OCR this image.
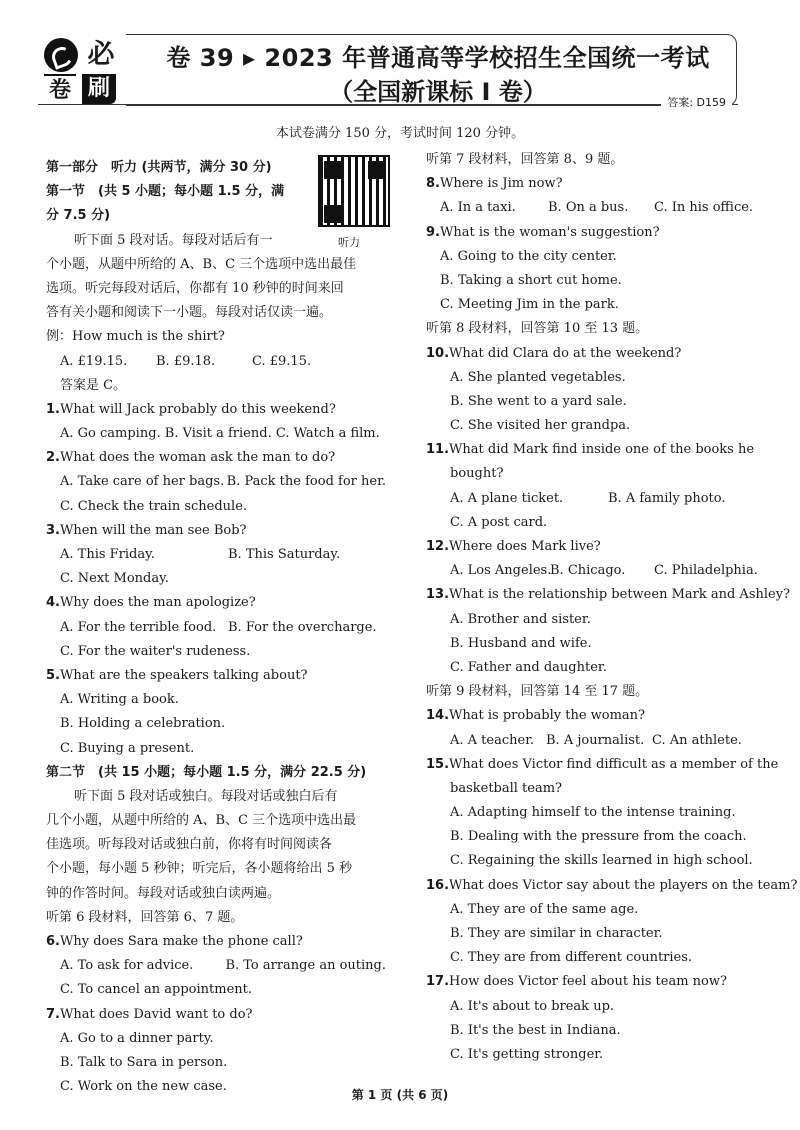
必
卷 刷
卷 39 ▸ 2023 年普通高等学校招生全国统一考试
（全国新课标 Ⅰ 卷）	答案: D159
本试卷满分 150 分，考试时间 120 分钟。
听力
第一部分　听力 (共两节，满分 30 分)
第一节　(共 5 小题；每小题 1.5 分，满
分 7.5 分)
听下面 5 段对话。每段对话后有一
个小题，从题中所给的 A、B、C 三个选项中选出最佳
选项。听完每段对话后，你都有 10 秒钟的时间来回
答有关小题和阅读下一小题。每段对话仅读一遍。
例：How much is the shirt?
A. £19.15.	B. £9.18.	C. £9.15.
答案是 C。
1.What will Jack probably do this weekend?
A. Go camping. B. Visit a friend. C. Watch a film.
2.What does the woman ask the man to do?
A. Take care of her bags. B. Pack the food for her.
C. Check the train schedule.
3.When will the man see Bob?
A. This Friday.	B. This Saturday.
C. Next Monday.
4.Why does the man apologize?
A. For the terrible food. B. For the overcharge.
C. For the waiter's rudeness.
5.What are the speakers talking about?
A. Writing a book.
B. Holding a celebration.
C. Buying a present.
第二节　(共 15 小题；每小题 1.5 分，满分 22.5 分)
听下面 5 段对话或独白。每段对话或独白后有
几个小题，从题中所给的 A、B、C 三个选项中选出最
佳选项。听每段对话或独白前，你将有时间阅读各
个小题，每小题 5 秒钟；听完后，各小题将给出 5 秒
钟的作答时间。每段对话或独白读两遍。
听第 6 段材料，回答第 6、7 题。
6.Why does Sara make the phone call?
A. To ask for advice.	B. To arrange an outing.
C. To cancel an appointment.
7.What does David want to do?
A. Go to a dinner party.
B. Talk to Sara in person.
C. Work on the new case.
听第 7 段材料，回答第 8、9 题。
8.Where is Jim now?
A. In a taxi.	B. On a bus.	C. In his office.
9.What is the woman's suggestion?
A. Going to the city center.
B. Taking a short cut home.
C. Meeting Jim in the park.
听第 8 段材料，回答第 10 至 13 题。
10.What did Clara do at the weekend?
A. She planted vegetables.
B. She went to a yard sale.
C. She visited her grandpa.
11.What did Mark find inside one of the books he
bought?
A. A plane ticket.	B. A family photo.
C. A post card.
12.Where does Mark live?
A. Los Angeles.
B. Chicago.	C. Philadelphia.
13.What is the relationship between Mark and Ashley?
A. Brother and sister.
B. Husband and wife.
C. Father and daughter.
听第 9 段材料，回答第 14 至 17 题。
14.What is probably the woman?
A. A teacher. B. A journalist. C. An athlete.
15.What does Victor find difficult as a member of the
basketball team?
A. Adapting himself to the intense training.
B. Dealing with the pressure from the coach.
C. Regaining the skills learned in high school.
16.What does Victor say about the players on the team?
A. They are of the same age.
B. They are similar in character.
C. They are from different countries.
17.How does Victor feel about his team now?
A. It's about to break up.
B. It's the best in Indiana.
C. It's getting stronger.
第 1 页 (共 6 页)
